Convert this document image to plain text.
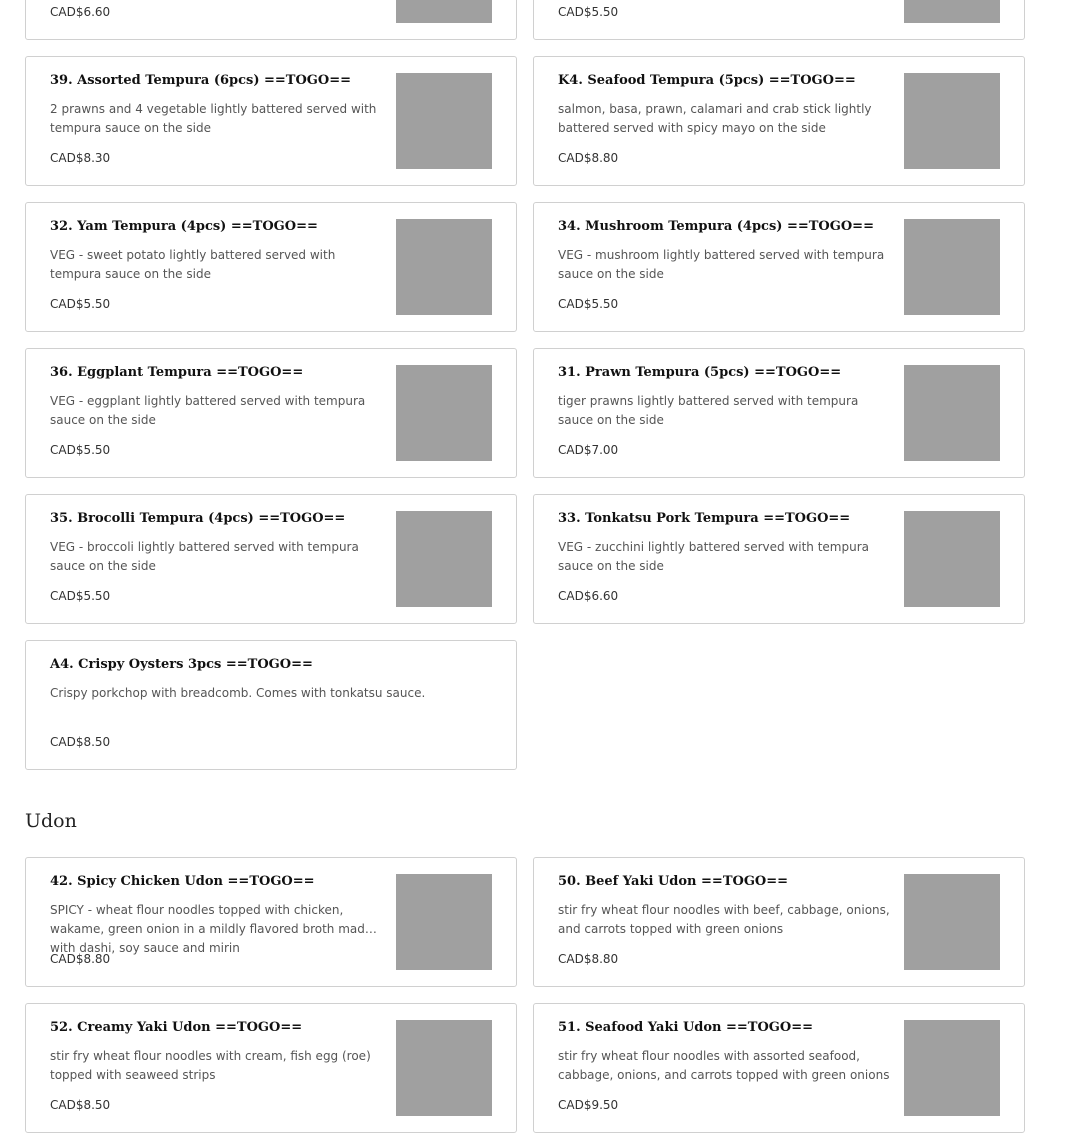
CAD$6.60	CAD$5.50
39. Assorted Tempura (6pcs) ==TOGO==
2 prawns and 4 vegetable lightly battered served with tempura sauce on the side
CAD$8.30
K4. Seafood Tempura (5pcs) ==TOGO==
salmon, basa, prawn, calamari and crab stick lightly battered served with spicy mayo on the side
CAD$8.80
32. Yam Tempura (4pcs) ==TOGO==
VEG - sweet potato lightly battered served with tempura sauce on the side
CAD$5.50
34. Mushroom Tempura (4pcs) ==TOGO==
VEG - mushroom lightly battered served with tempura sauce on the side
CAD$5.50
36. Eggplant Tempura ==TOGO==
VEG - eggplant lightly battered served with tempura sauce on the side
CAD$5.50
31. Prawn Tempura (5pcs) ==TOGO==
tiger prawns lightly battered served with tempura sauce on the side
CAD$7.00
35. Brocolli Tempura (4pcs) ==TOGO==
VEG - broccoli lightly battered served with tempura sauce on the side
CAD$5.50
33. Tonkatsu Pork Tempura ==TOGO==
VEG - zucchini lightly battered served with tempura sauce on the side
CAD$6.60
A4. Crispy Oysters 3pcs ==TOGO==
Crispy porkchop with breadcomb. Comes with tonkatsu sauce.
CAD$8.50
Udon
42. Spicy Chicken Udon ==TOGO==
SPICY - wheat flour noodles topped with chicken, wakame, green onion in a mildly flavored broth made with dashi, soy sauce and mirin
CAD$8.80
50. Beef Yaki Udon ==TOGO==
stir fry wheat flour noodles with beef, cabbage, onions, and carrots topped with green onions
CAD$8.80
52. Creamy Yaki Udon ==TOGO==
stir fry wheat flour noodles with cream, fish egg (roe) topped with seaweed strips
CAD$8.50
51. Seafood Yaki Udon ==TOGO==
stir fry wheat flour noodles with assorted seafood, cabbage, onions, and carrots topped with green onions
CAD$9.50
